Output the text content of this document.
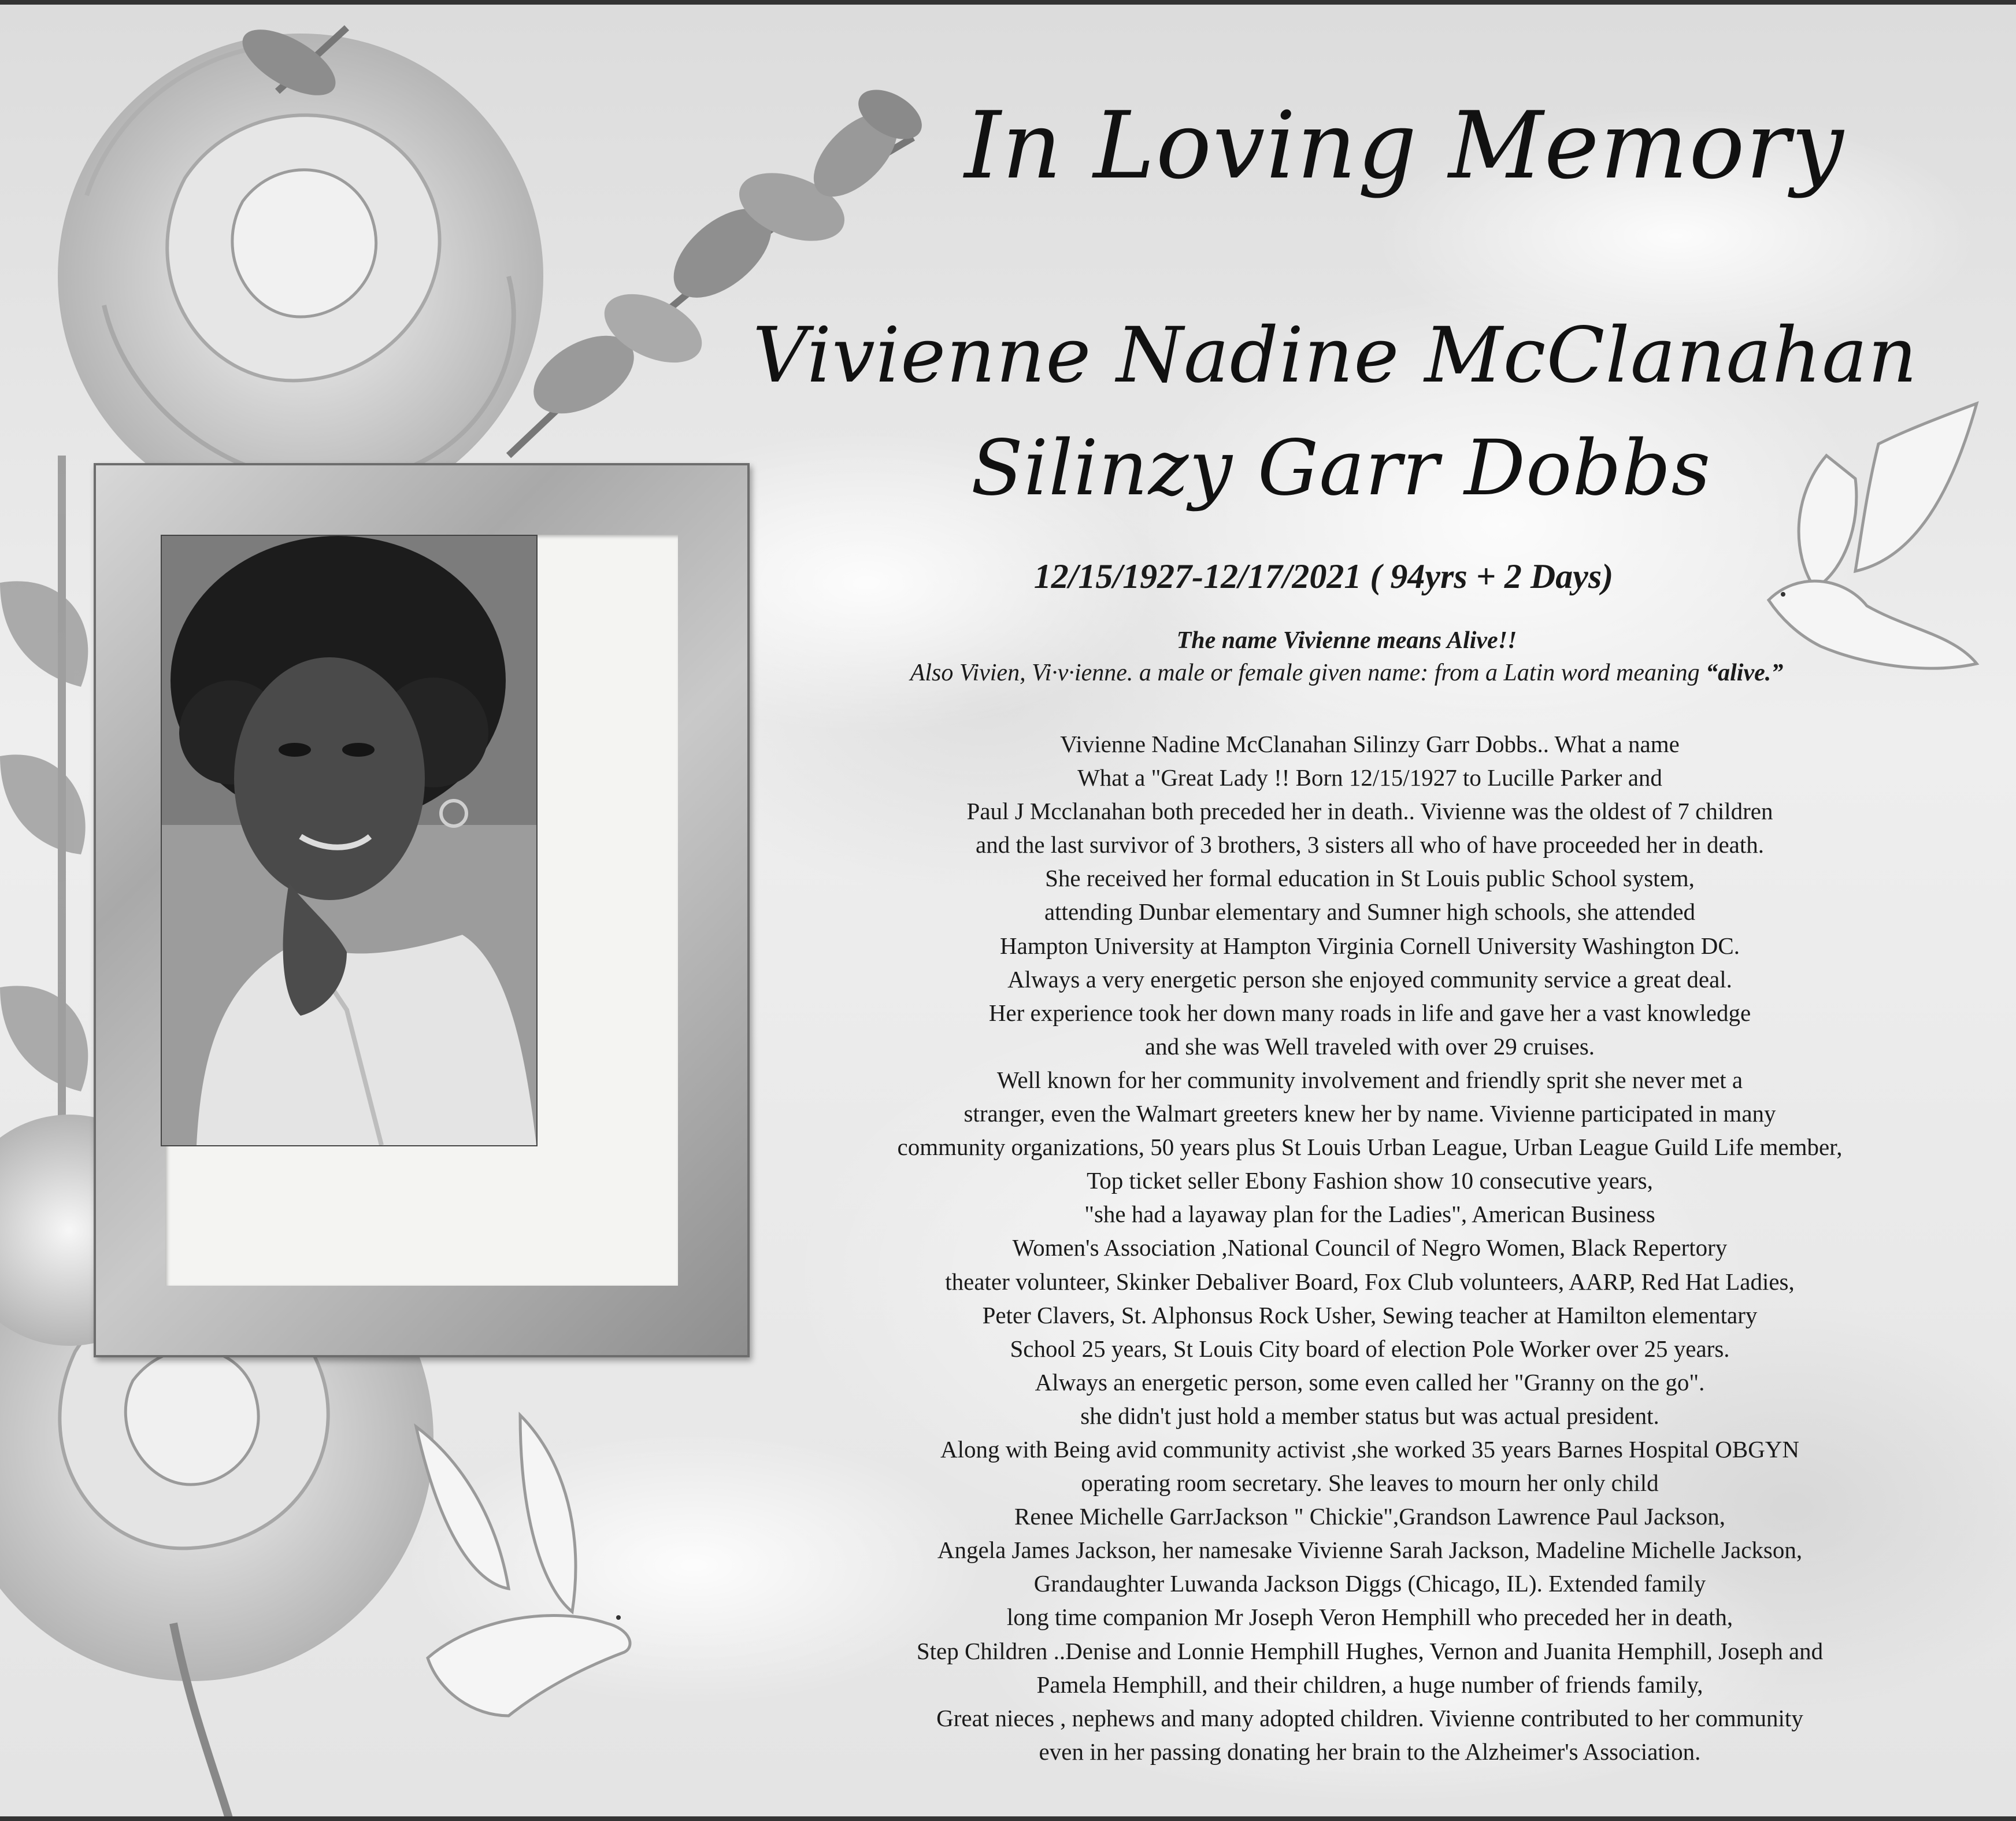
In Loving Memory
Vivienne Nadine McClanahan
Silinzy Garr Dobbs
12/15/1927-12/17/2021 ( 94yrs + 2 Days)
The name Vivienne means Alive!!
Also Vivien, Vi·v·ienne. a male or female given name: from a Latin word meaning “alive.”
Vivienne Nadine McClanahan Silinzy Garr Dobbs.. What a name
What a "Great Lady !! Born 12/15/1927 to Lucille Parker and
Paul J Mcclanahan both preceded her in death.. Vivienne was the oldest of 7 children
and the last survivor of 3 brothers, 3 sisters all who of have proceeded her in death.
She received her formal education in St Louis public School system,
attending Dunbar elementary and Sumner high schools, she attended
Hampton University at Hampton Virginia Cornell University Washington DC.
Always a very energetic person she enjoyed community service a great deal.
Her experience took her down many roads in life and gave her a vast knowledge
and she was Well traveled with over 29 cruises.
Well known for her community involvement and friendly sprit she never met a
stranger, even the Walmart greeters knew her by name. Vivienne participated in many
community organizations, 50 years plus St Louis Urban League, Urban League Guild Life member,
Top ticket seller Ebony Fashion show 10 consecutive years,
"she had a layaway plan for the Ladies", American Business
Women's Association ,National Council of Negro Women, Black Repertory
theater volunteer, Skinker Debaliver Board, Fox Club volunteers, AARP, Red Hat Ladies,
Peter Clavers, St. Alphonsus Rock Usher, Sewing teacher at Hamilton elementary
School 25 years, St Louis City board of election Pole Worker over 25 years.
Always an energetic person, some even called her "Granny on the go".
she didn't just hold a member status but was actual president.
Along with Being avid community activist ,she worked 35 years Barnes Hospital OBGYN
operating room secretary. She leaves to mourn her only child
Renee Michelle GarrJackson " Chickie",Grandson Lawrence Paul Jackson,
Angela James Jackson, her namesake Vivienne Sarah Jackson, Madeline Michelle Jackson,
Grandaughter Luwanda Jackson Diggs (Chicago, IL). Extended family
long time companion Mr Joseph Veron Hemphill who preceded her in death,
Step Children ..Denise and Lonnie Hemphill Hughes, Vernon and Juanita Hemphill, Joseph and
Pamela Hemphill, and their children, a huge number of friends family,
Great nieces , nephews and many adopted children. Vivienne contributed to her community
even in her passing donating her brain to the Alzheimer's Association.
